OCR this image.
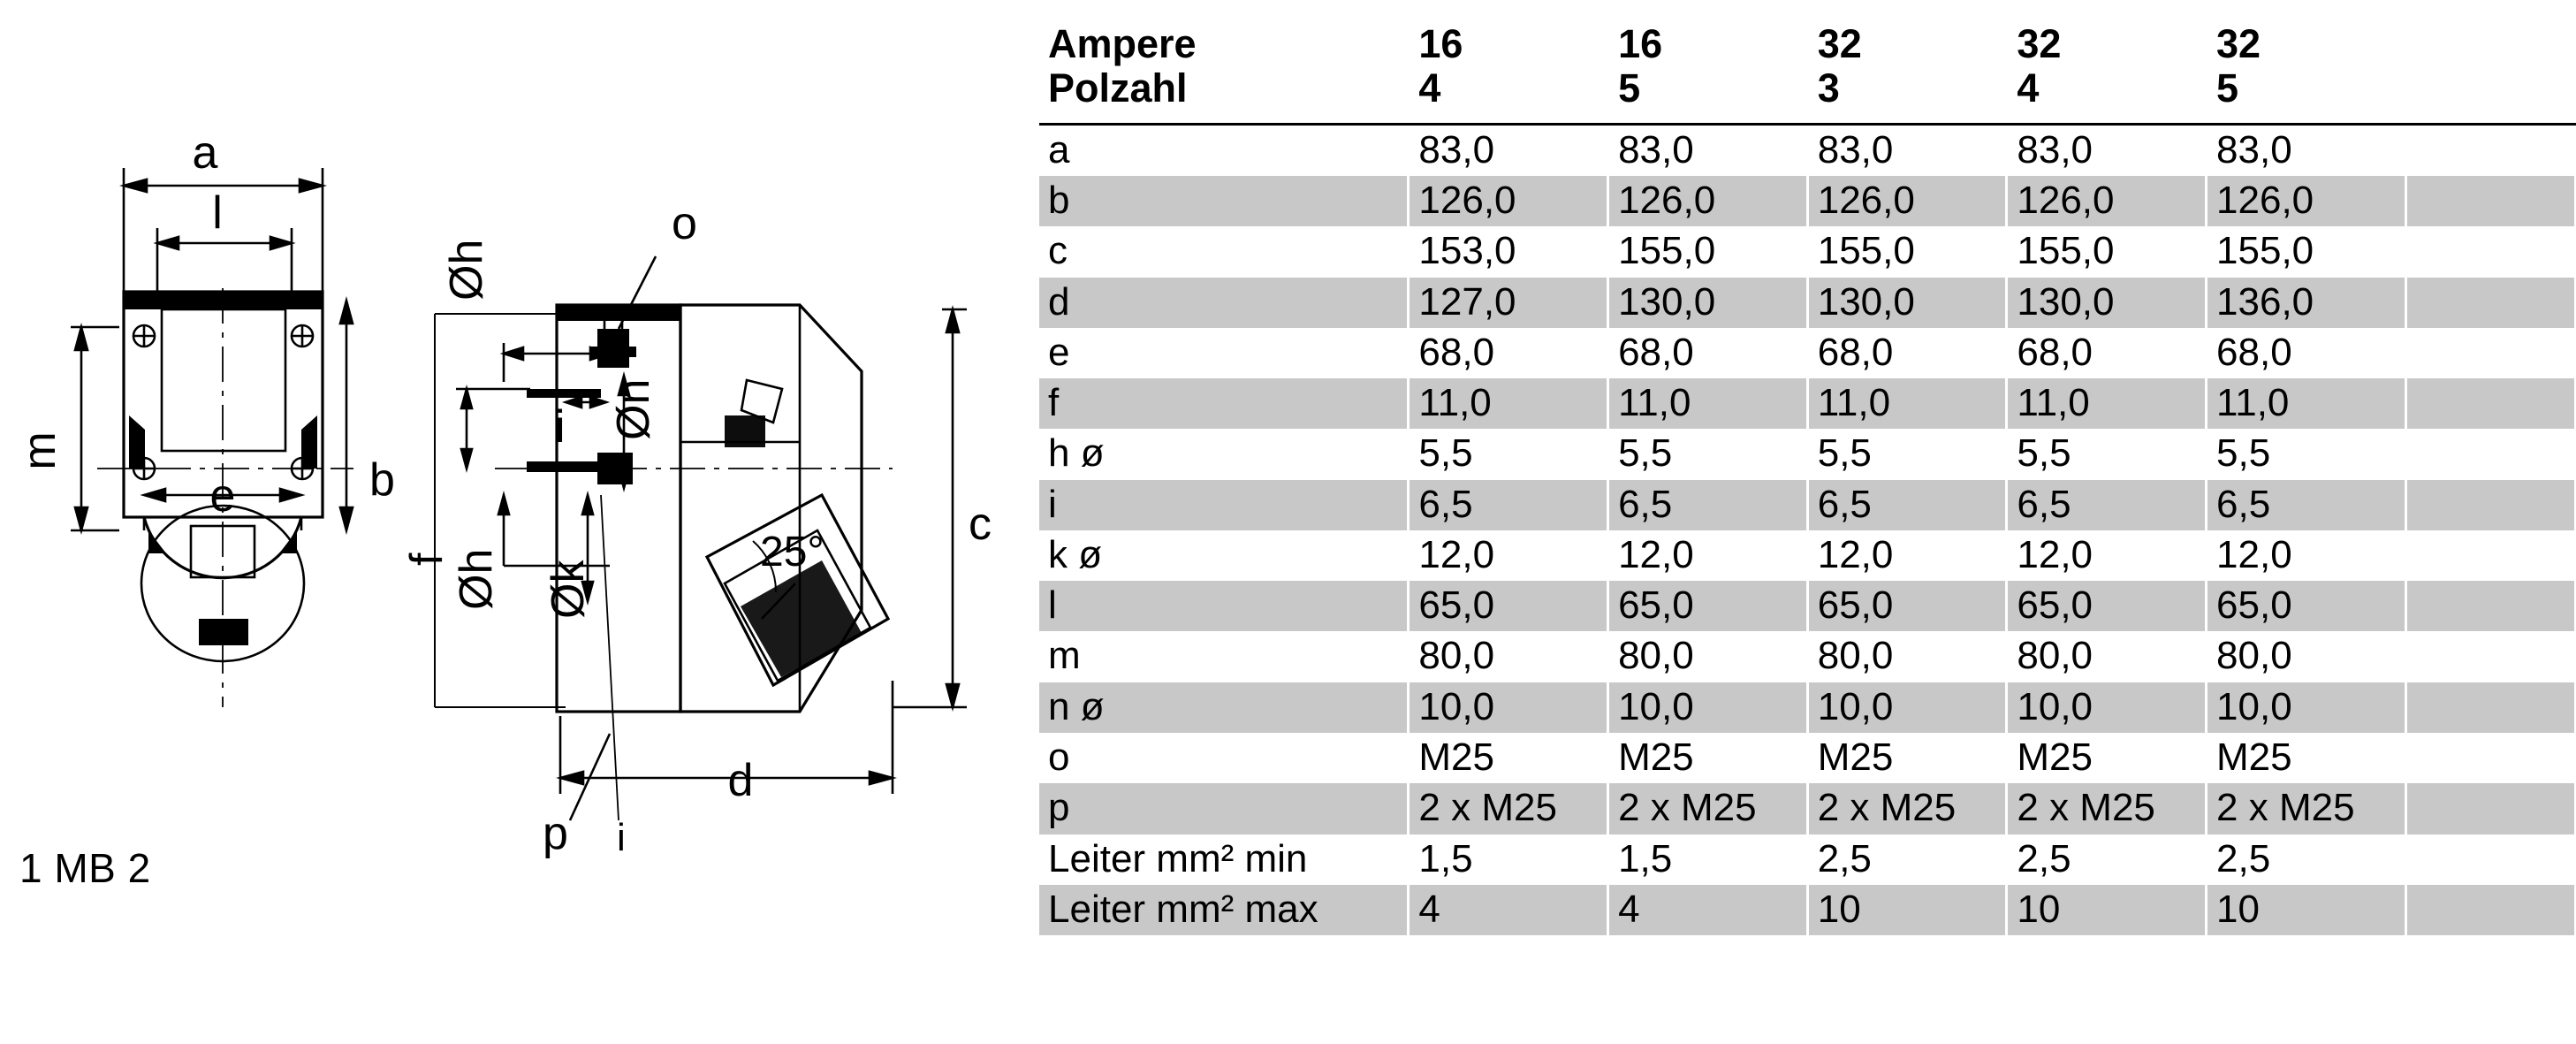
a
l
m
e	b
o
Øh
i Øn
f
Øh Øk
p i
c
d
25°
1 MB 2
Ampere	16	16	32	32	32	
Polzahl	4	5	3	4	5	

a	83,0	83,0	83,0	83,0	83,0	
b	126,0	126,0	126,0	126,0	126,0	
c	153,0	155,0	155,0	155,0	155,0	
d	127,0	130,0	130,0	130,0	136,0	
e	68,0	68,0	68,0	68,0	68,0	
f	11,0	11,0	11,0	11,0	11,0	
h ø	5,5	5,5	5,5	5,5	5,5	
i	6,5	6,5	6,5	6,5	6,5	
k ø	12,0	12,0	12,0	12,0	12,0	
l	65,0	65,0	65,0	65,0	65,0	
m	80,0	80,0	80,0	80,0	80,0	
n ø	10,0	10,0	10,0	10,0	10,0	
o	M25	M25	M25	M25	M25	
p	2 x M25	2 x M25	2 x M25	2 x M25	2 x M25	
Leiter mm² min	1,5	1,5	2,5	2,5	2,5	
Leiter mm² max	4	4	10	10	10	
